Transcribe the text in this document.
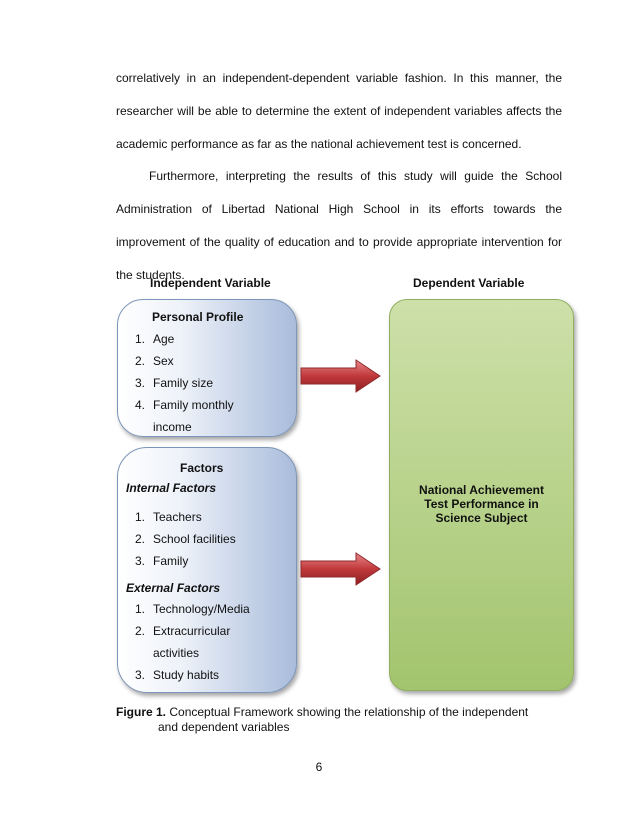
correlatively in an independent-dependent variable fashion. In this manner, the researcher will be able to determine the extent of independent variables affects the academic performance as far as the national achievement test is concerned.

Furthermore, interpreting the results of this study will guide the School Administration of Libertad National High School in its efforts towards the improvement of the quality of education and to provide appropriate intervention for the students.

Independent Variable	Dependent Variable
Personal Profile
1. Age
2. Sex
3. Family size
4. Family monthly
income
Factors
Internal Factors
1. Teachers
2. School facilities
3. Family
External Factors
1. Technology/Media
2. Extracurricular
activities
3. Study habits
National Achievement
Test Performance in
Science Subject
Figure 1. Conceptual Framework showing the relationship of the independent
and dependent variables
6
